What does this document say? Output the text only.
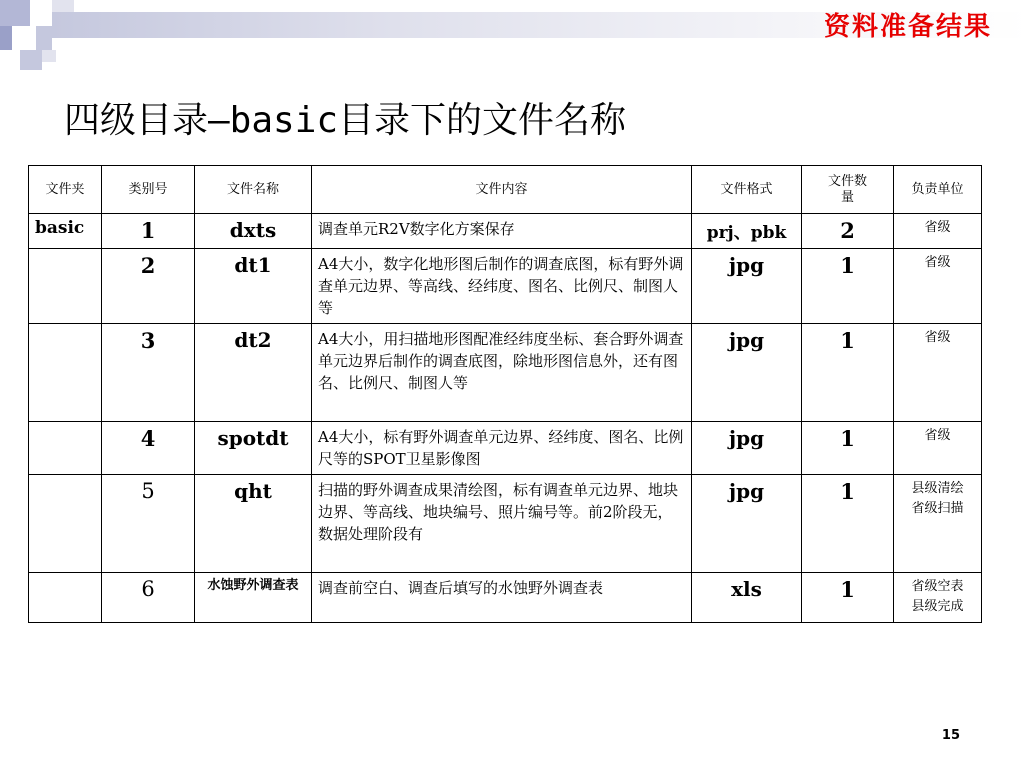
资料准备结果
四级目录—basic目录下的文件名称
文件夹	类别号	文件名称	文件内容	文件格式	文件数量	负责单位
basic	1	dxts	调查单元R2V数字化方案保存	prj、pbk	2	省级
	2	dt1	A4大小，数字化地形图后制作的调查底图，标有野外调查单元边界、等高线、经纬度、图名、比例尺、制图人等	jpg	1	省级
	3	dt2	A4大小，用扫描地形图配准经纬度坐标、套合野外调查单元边界后制作的调查底图，除地形图信息外，还有图名、比例尺、制图人等	jpg	1	省级
	4	spotdt	A4大小，标有野外调查单元边界、经纬度、图名、比例尺等的SPOT卫星影像图	jpg	1	省级
	5	qht	扫描的野外调查成果清绘图，标有调查单元边界、地块边界、等高线、地块编号、照片编号等。前2阶段无，数据处理阶段有	jpg	1	县级清绘
省级扫描
	6	水蚀野外调查表	调查前空白、调查后填写的水蚀野外调查表	xls	1	省级空表
县级完成
15
